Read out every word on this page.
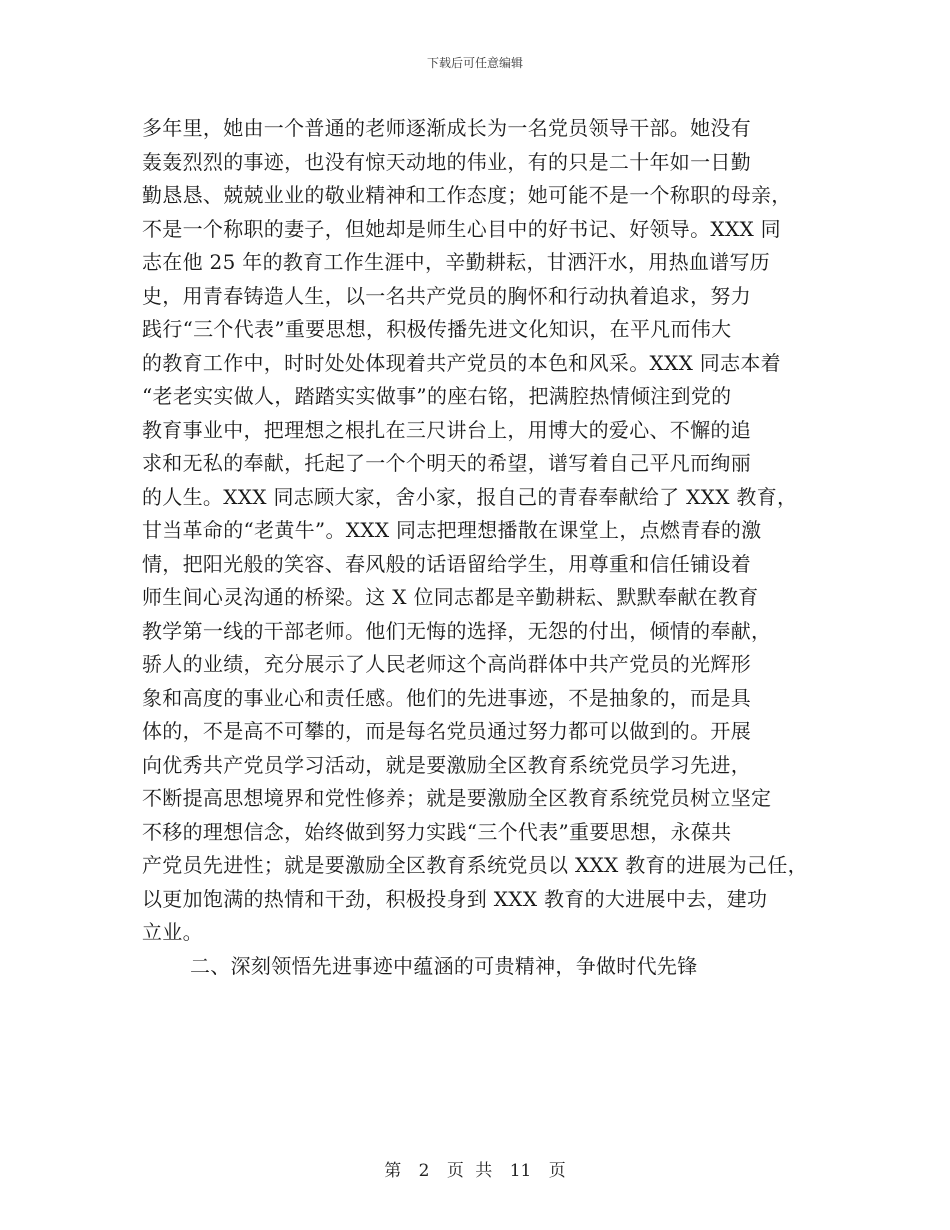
下载后可任意编辑
多年里，她由一个普通的老师逐渐成长为一名党员领导干部。她没有
轰轰烈烈的事迹，也没有惊天动地的伟业，有的只是二十年如一日勤
勤恳恳、兢兢业业的敬业精神和工作态度；她可能不是一个称职的母亲，
不是一个称职的妻子，但她却是师生心目中的好书记、好领导。XXX 同
志在他 25 年的教育工作生涯中，辛勤耕耘，甘洒汗水，用热血谱写历
史，用青春铸造人生，以一名共产党员的胸怀和行动执着追求，努力
践行“三个代表”重要思想，积极传播先进文化知识，在平凡而伟大
的教育工作中，时时处处体现着共产党员的本色和风采。XXX 同志本着
“老老实实做人，踏踏实实做事”的座右铭，把满腔热情倾注到党的
教育事业中，把理想之根扎在三尺讲台上，用博大的爱心、不懈的追
求和无私的奉献，托起了一个个明天的希望，谱写着自己平凡而绚丽
的人生。XXX 同志顾大家，舍小家，报自己的青春奉献给了 XXX 教育，
甘当革命的“老黄牛”。XXX 同志把理想播散在课堂上，点燃青春的激
情，把阳光般的笑容、春风般的话语留给学生，用尊重和信任铺设着
师生间心灵沟通的桥梁。这 X 位同志都是辛勤耕耘、默默奉献在教育
教学第一线的干部老师。他们无悔的选择，无怨的付出，倾情的奉献，
骄人的业绩，充分展示了人民老师这个高尚群体中共产党员的光辉形
象和高度的事业心和责任感。他们的先进事迹，不是抽象的，而是具
体的，不是高不可攀的，而是每名党员通过努力都可以做到的。开展
向优秀共产党员学习活动，就是要激励全区教育系统党员学习先进，
不断提高思想境界和党性修养；就是要激励全区教育系统党员树立坚定
不移的理想信念，始终做到努力实践“三个代表”重要思想，永葆共
产党员先进性；就是要激励全区教育系统党员以 XXX 教育的进展为己任，
以更加饱满的热情和干劲，积极投身到 XXX 教育的大进展中去，建功
立业。
二、深刻领悟先进事迹中蕴涵的可贵精神，争做时代先锋
第 2 页 共 11 页
